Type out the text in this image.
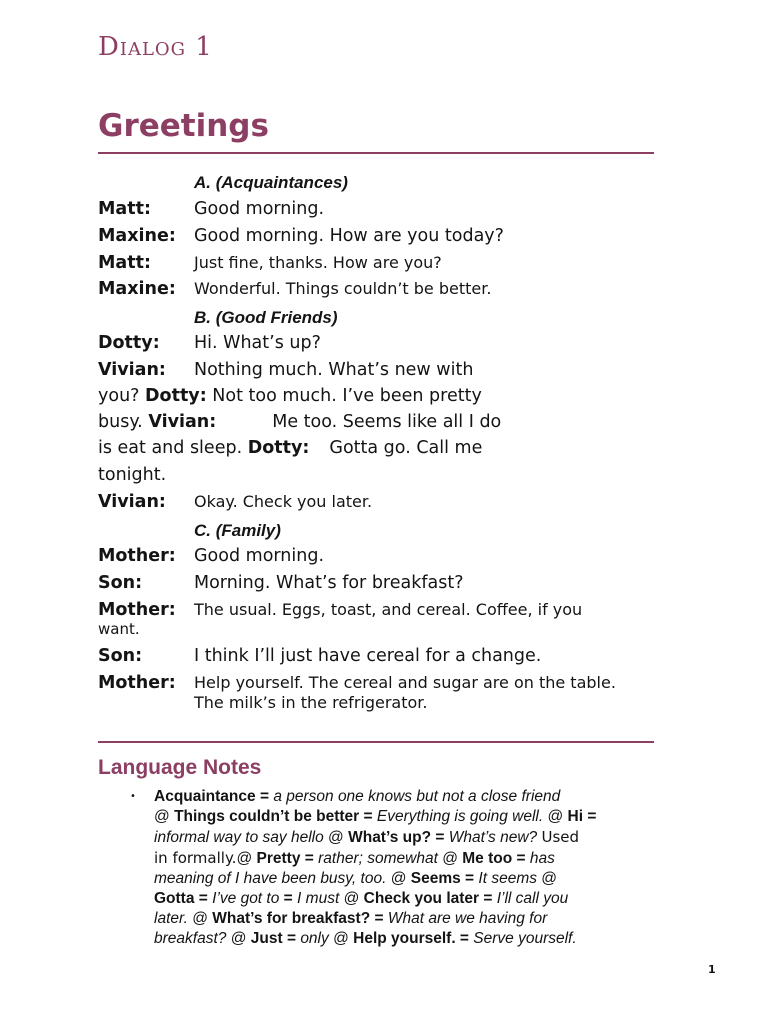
Dialog 1
Greetings
A. (Acquaintances)
Matt: Good morning.
Maxine: Good morning. How are you today?
Matt:	Just fine, thanks. How are you?
Maxine: Wonderful. Things couldn’t be better.
B. (Good Friends)
Dotty: Hi. What’s up?
Vivian: Nothing much. What’s new with
you? Dotty: Not too much. I’ve been pretty
busy. Vivian:	Me too. Seems like all I do
is eat and sleep. Dotty: Gotta go. Call me
tonight.
Vivian: Okay. Check you later.
C. (Family)
Mother: Good morning.
Son:	Morning. What’s for breakfast?
Mother: The usual. Eggs, toast, and cereal. Coffee, if you
want.
Son:	I think I’ll just have cereal for a change.
Mother: Help yourself. The cereal and sugar are on the table.
The milk’s in the refrigerator.
Language Notes
• Acquaintance = a person one knows but not a close friend
@ Things couldn’t be better = Everything is going well. @ Hi =
informal way to say hello @ What’s up? = What’s new? Used
in formally.@ Pretty = rather; somewhat @ Me too = has
meaning of I have been busy, too. @ Seems = It seems @
Gotta = I’ve got to = I must @ Check you later = I’ll call you
later. @ What’s for breakfast? = What are we having for
breakfast? @ Just = only @ Help yourself. = Serve yourself.
1
